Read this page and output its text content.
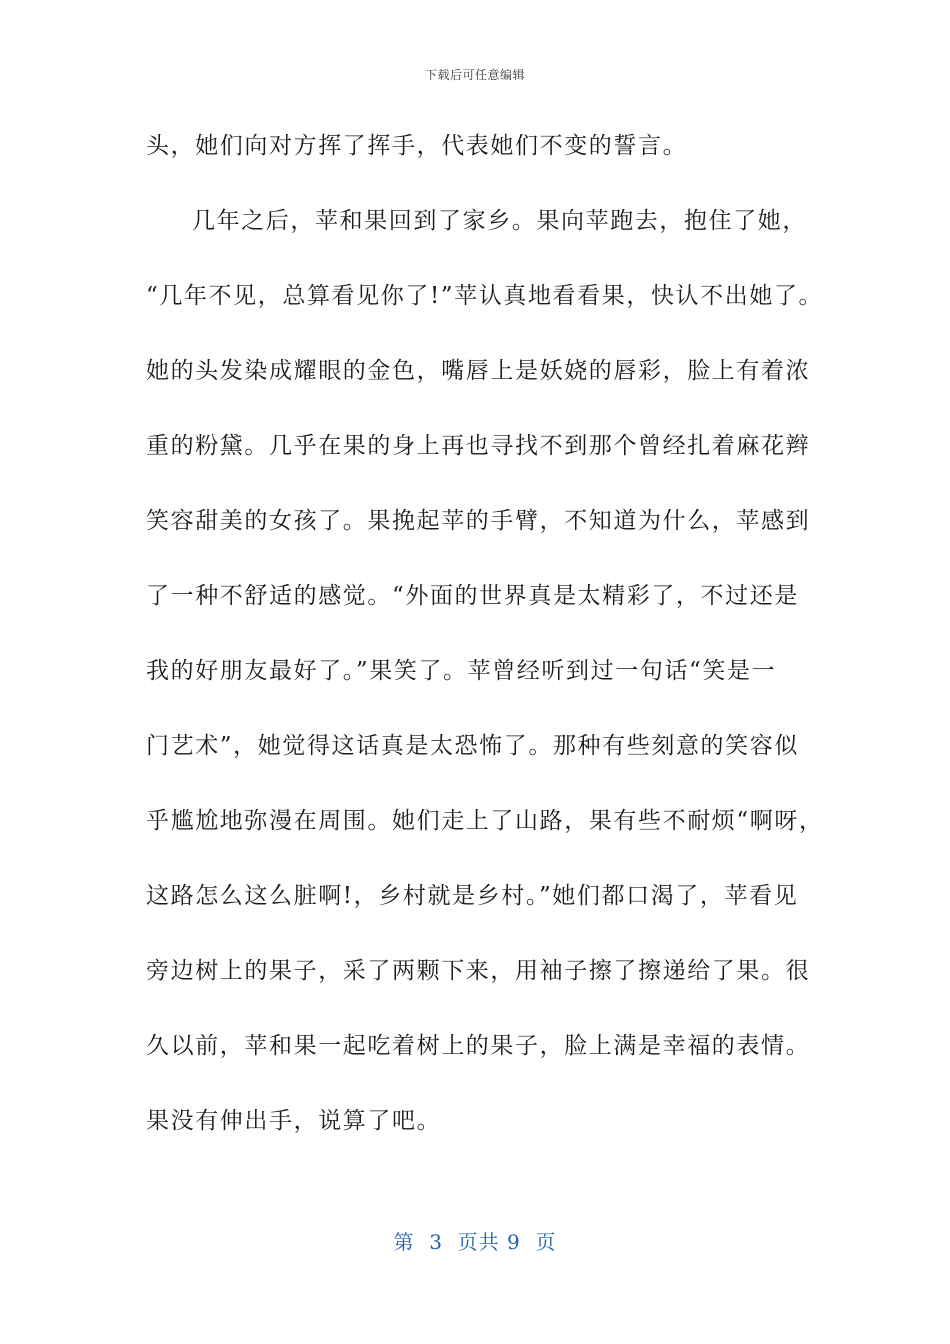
下载后可任意编辑
头，她们向对方挥了挥手，代表她们不变的誓言。
几年之后，苹和果回到了家乡。果向苹跑去，抱住了她，
“几年不见，总算看见你了!”苹认真地看看果，快认不出她了。
她的头发染成耀眼的金色，嘴唇上是妖娆的唇彩，脸上有着浓
重的粉黛。几乎在果的身上再也寻找不到那个曾经扎着麻花辫
笑容甜美的女孩了。果挽起苹的手臂，不知道为什么，苹感到
了一种不舒适的感觉。“外面的世界真是太精彩了，不过还是
我的好朋友最好了。”果笑了。苹曾经听到过一句话“笑是一
门艺术”，她觉得这话真是太恐怖了。那种有些刻意的笑容似
乎尴尬地弥漫在周围。她们走上了山路，果有些不耐烦“啊呀，
这路怎么这么脏啊!，乡村就是乡村。”她们都口渴了，苹看见
旁边树上的果子，采了两颗下来，用袖子擦了擦递给了果。很
久以前，苹和果一起吃着树上的果子，脸上满是幸福的表情。
果没有伸出手，说算了吧。
第  3  页共 9  页
